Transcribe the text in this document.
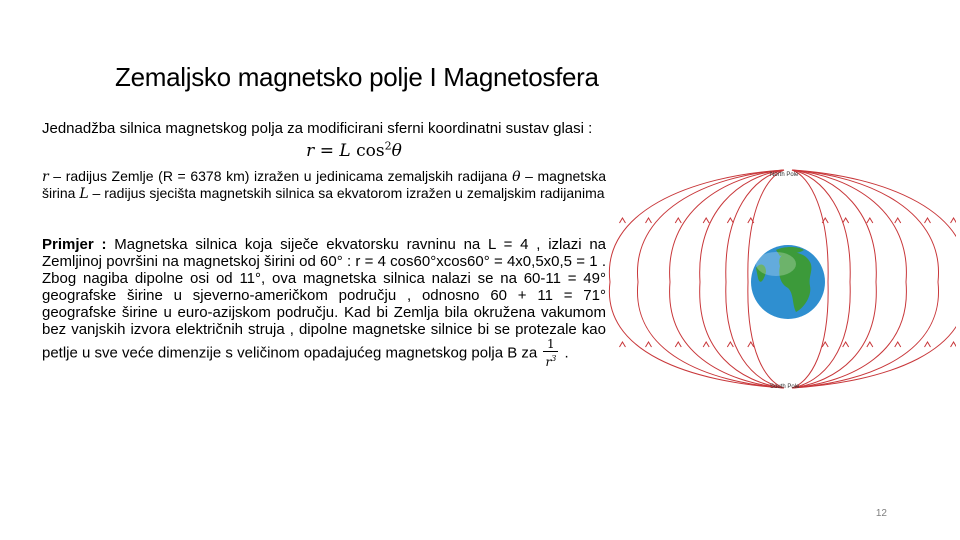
Zemaljsko magnetsko polje I Magnetosfera

Jednadžba silnica magnetskog polja za modificirani sferni koordinatni sustav glasi :

r = L $\cos^2\theta$

r – radijus Zemlje (R = 6378 km) izražen u jedinicama zemaljskih radijana θ – magnetska širina L – radijus sjecišta magnetskih silnica sa ekvatorom izražen u zemaljskim radijanima

Primjer : Magnetska silnica koja siječe ekvatorsku ravninu na L = 4 , izlazi na Zemljinoj površini na magnetskoj širini od 60° : r = 4 cos60°xcos60° = 4x0,5x0,5 = 1 . Zbog nagiba dipolne osi od 11°, ova magnetska silnica nalazi se na 60-11 = 49° geografske širine u sjeverno-američkom području , odnosno 60 + 11 = 71° geografske širine u euro-azijskom području. Kad bi Zemlja bila okružena vakumom bez vanjskih izvora električnih struja , dipolne magnetske silnice bi se protezale kao petlje u sve veće dimenzije s veličinom opadajućeg magnetskog polja B za $\frac{1}{r^3}$ .

North Pole
South Pole
12
